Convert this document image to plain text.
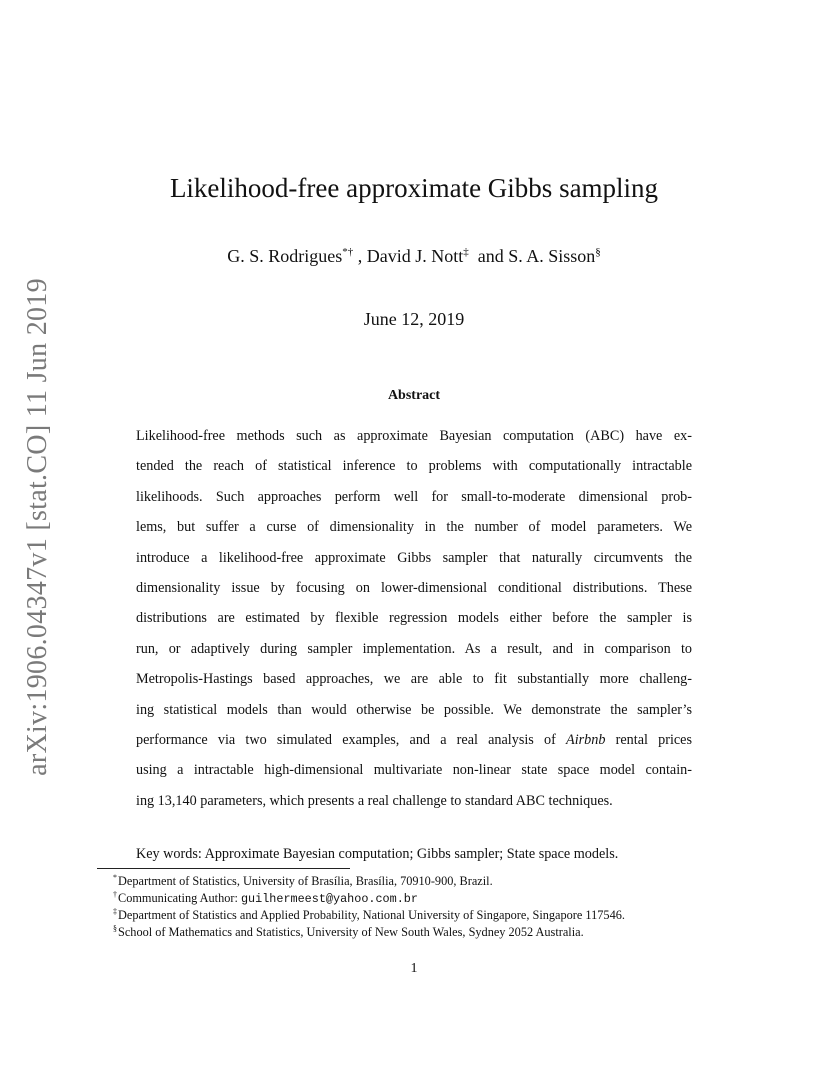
arXiv:1906.04347v1 [stat.CO] 11 Jun 2019
Likelihood-free approximate Gibbs sampling
G. S. Rodrigues*† , David J. Nott‡  and S. A. Sisson§
June 12, 2019
Abstract
Likelihood-free methods such as approximate Bayesian computation (ABC) have ex-
tended the reach of statistical inference to problems with computationally intractable
likelihoods. Such approaches perform well for small-to-moderate dimensional prob-
lems, but suffer a curse of dimensionality in the number of model parameters. We
introduce a likelihood-free approximate Gibbs sampler that naturally circumvents the
dimensionality issue by focusing on lower-dimensional conditional distributions. These
distributions are estimated by flexible regression models either before the sampler is
run, or adaptively during sampler implementation. As a result, and in comparison to
Metropolis-Hastings based approaches, we are able to fit substantially more challeng-
ing statistical models than would otherwise be possible. We demonstrate the sampler’s
performance via two simulated examples, and a real analysis of Airbnb rental prices
using a intractable high-dimensional multivariate non-linear state space model contain-
ing 13,140 parameters, which presents a real challenge to standard ABC techniques.
Key words: Approximate Bayesian computation; Gibbs sampler; State space models.
*Department of Statistics, University of Brasília, Brasília, 70910-900, Brazil.
†Communicating Author: guilhermeest@yahoo.com.br
‡Department of Statistics and Applied Probability, National University of Singapore, Singapore 117546.
§School of Mathematics and Statistics, University of New South Wales, Sydney 2052 Australia.
1
